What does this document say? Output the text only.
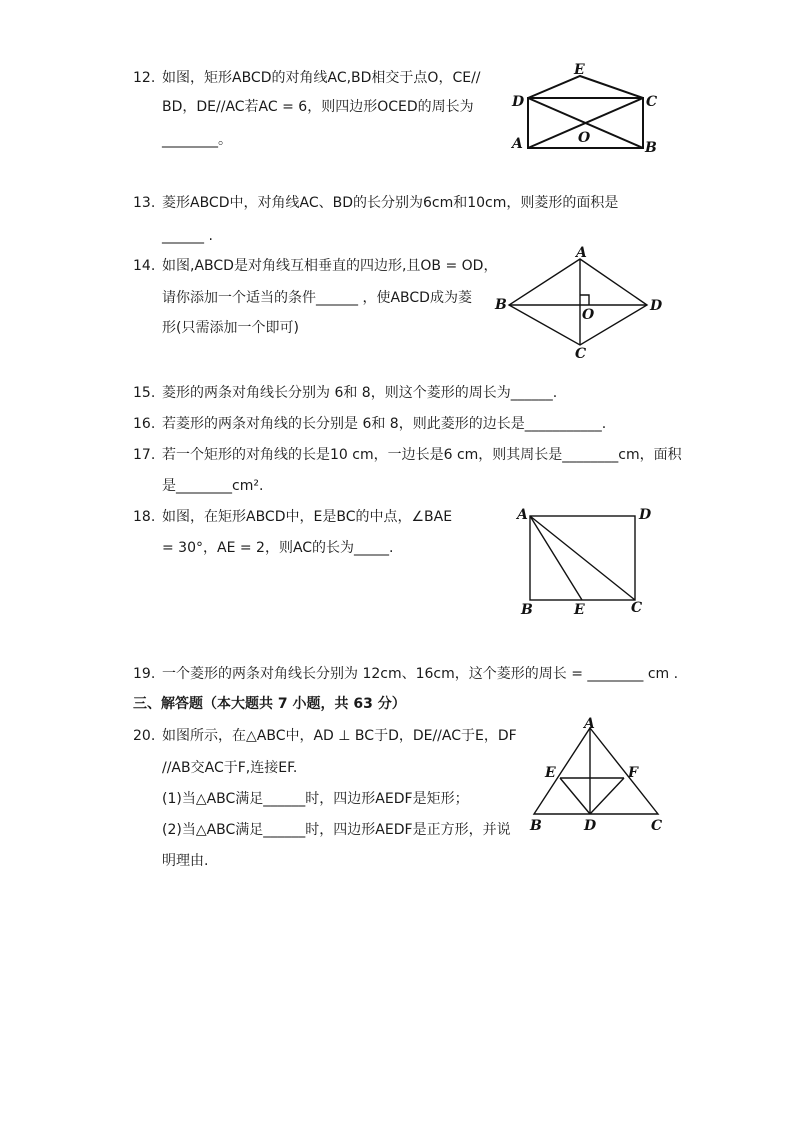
12. 如图，矩形ABCD的对角线AC,BD相交于点O，CE//
BD，DE//AC若AC = 6，则四边形OCED的周长为
________。
E
D	C
A	O
B
13. 菱形ABCD中，对角线AC、BD的长分别为6cm和10cm，则菱形的面积是
______ .
14. 如图,ABCD是对角线互相垂直的四边形,且OB = OD，
请你添加一个适当的条件______ ，使ABCD成为菱
形(只需添加一个即可)
A
B
O
D
C
15. 菱形的两条对角线长分别为 6和 8，则这个菱形的周长为______.
16. 若菱形的两条对角线的长分别是 6和 8，则此菱形的边长是___________.
17. 若一个矩形的对角线的长是10 cm，一边长是6 cm，则其周长是________cm，面积
是________cm².
18. 如图，在矩形ABCD中，E是BC的中点，∠BAE
= 30°，AE = 2，则AC的长为_____.
A	D
B	E	C
19. 一个菱形的两条对角线长分别为 12cm、16cm，这个菱形的周长 = ________ cm .
三、解答题（本大题共 7 小题，共 63 分）
20. 如图所示，在△ABC中，AD ⊥ BC于D，DE//AC于E，DF
//AB交AC于F,连接EF.
(1)当△ABC满足______时，四边形AEDF是矩形；
(2)当△ABC满足______时，四边形AEDF是正方形，并说
明理由.
A
E	F
B	D	C
